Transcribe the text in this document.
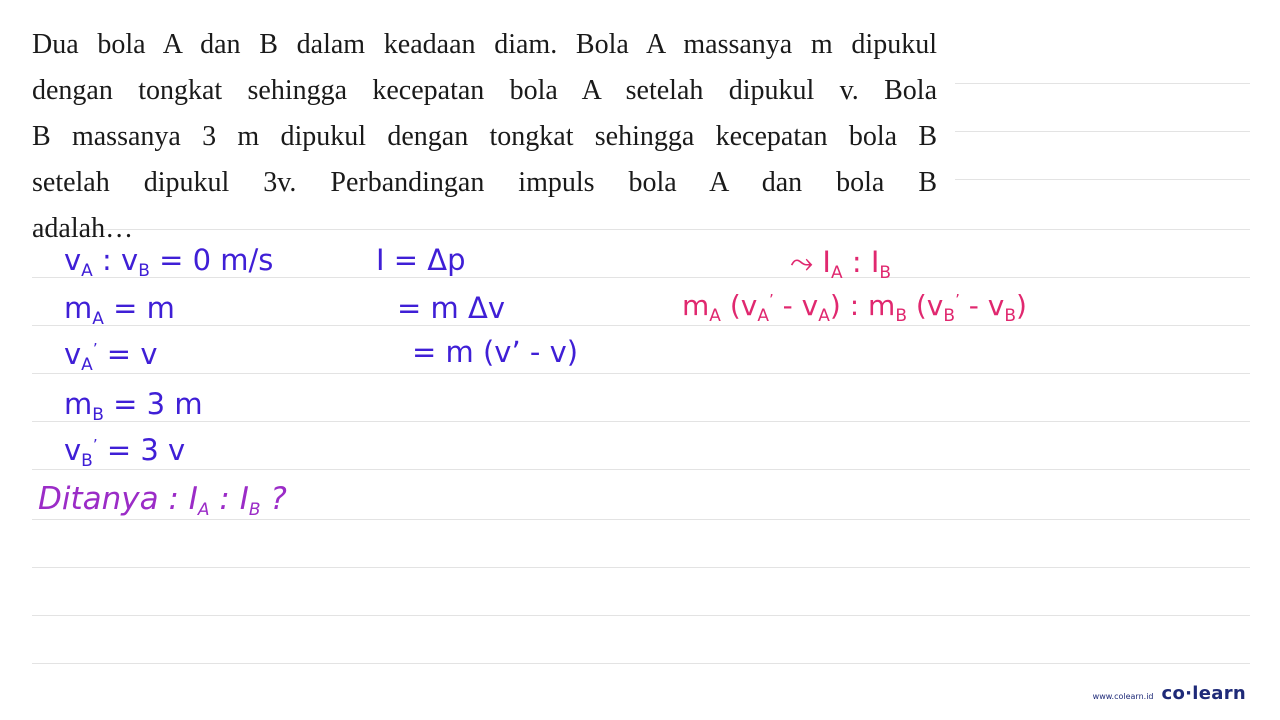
Dua bola A dan B dalam keadaan diam. Bola A massanya m dipukul
dengan tongkat sehingga kecepatan bola A setelah dipukul v. Bola
B massanya 3 m dipukul dengan tongkat sehingga kecepatan bola B
setelah dipukul 3v. Perbandingan impuls bola A dan bola B
adalah…
$v_A$ : $v_B = 0$ m/s
$m_A = m$
$v_A^’ = v$
$m_B = 3$ m
$v_B^’ = 3$ v
Ditanya : $I_A$ : $I_B$ ?
I = Δp
= m Δv
= m (v’ - v)
⤳ $I_A$ : $I_B$
$m_A$ $(v_A^’ - v_A)$ : $m_B$ $(v_B^’ - v_B)$
www.colearn.id co·learn
